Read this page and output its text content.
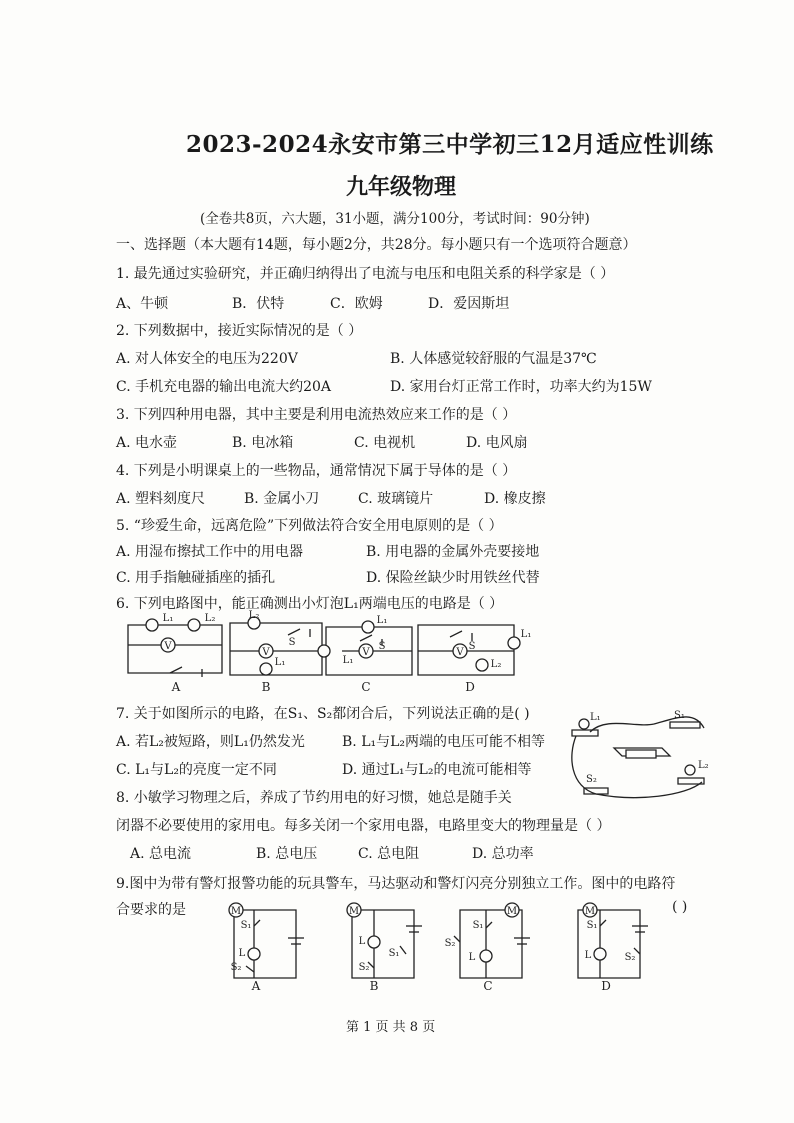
2023-2024永安市第三中学初三12月适应性训练
九年级物理
(全卷共8页，六大题，31小题，满分100分，考试时间：90分钟)
一、选择题（本大题有14题，每小题2分，共28分。每小题只有一个选项符合题意）
1. 最先通过实验研究，并正确归纳得出了电流与电压和电阻关系的科学家是（ ）
A、牛顿	B．伏特	C．欧姆	D．爱因斯坦
2. 下列数据中，接近实际情况的是（ ）
A. 对人体安全的电压为220V	B. 人体感觉较舒服的气温是37℃
C. 手机充电器的输出电流大约20A	D. 家用台灯正常工作时，功率大约为15W
3. 下列四种用电器，其中主要是利用电流热效应来工作的是（ ）
A. 电水壶	B. 电冰箱	C. 电视机	D. 电风扇
4. 下列是小明课桌上的一些物品，通常情况下属于导体的是（ ）
A. 塑料刻度尺	B. 金属小刀	C. 玻璃镜片	D. 橡皮擦
5. “珍爱生命，远离危险”下列做法符合安全用电原则的是（ ）
A. 用湿布擦拭工作中的用电器	B. 用电器的金属外壳要接地
C. 用手指触碰插座的插孔	D. 保险丝缺少时用铁丝代替
6. 下列电路图中，能正确测出小灯泡L₁两端电压的电路是（ ）
V
V	V	V
L₁	L₂	L₂
S
L₁
L₁
L₁
S	S
L₁
L₂
A	B	C	D
7. 关于如图所示的电路，在S₁、S₂都闭合后，下列说法正确的是( )
A. 若L₂被短路，则L₁仍然发光	B. L₁与L₂两端的电压可能不相等
C. L₁与L₂的亮度一定不同	D. 通过L₁与L₂的电流可能相等
L₁	S₁
S₂
L₂
8. 小敏学习物理之后，养成了节约用电的好习惯，她总是随手关
闭器不必要使用的家用电。每多关闭一个家用电器，电路里变大的物理量是（ ）
A. 总电流	B. 总电压	C. 总电阻	D. 总功率
9.图中为带有警灯报警功能的玩具警车，马达驱动和警灯闪亮分别独立工作。图中的电路符
合要求的是	( )
M	M	M	M
S₁
L
S₂
L
S₂
S₁
S₁
L
S₂
S₁
L	S₂
A	B	C	D
第 1 页 共 8 页
